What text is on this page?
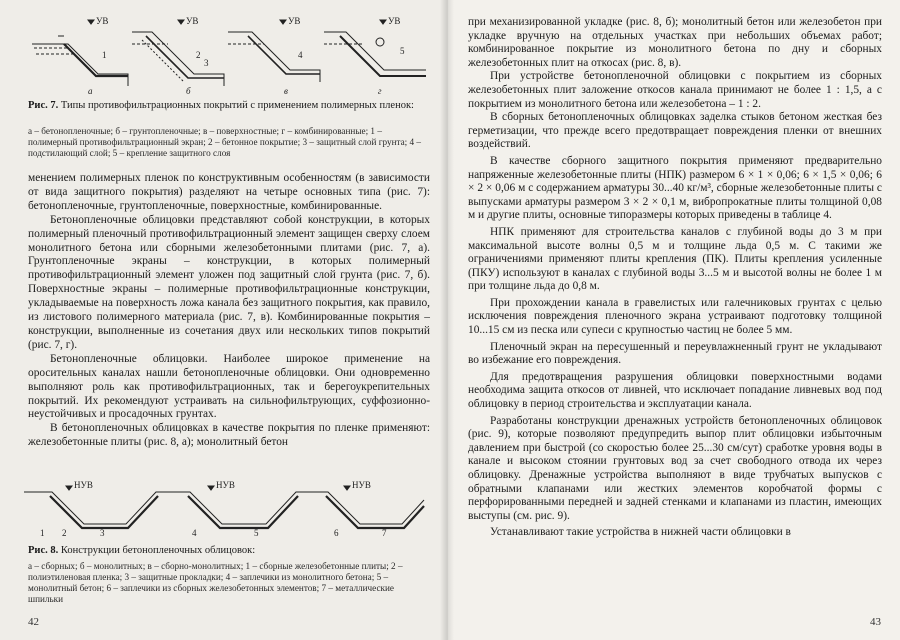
УВ	УВ	УВ	УВ
а	б	в	г
1	2
3
4	5
Рис. 7. Типы противофильтрационных покрытий с применением полимерных пленок:
а – бетонопленочные; б – грунтопленочные; в – поверхностные; г – комбинированные; 1 – полимерный противофильтрационный экран; 2 – бетонное покрытие; 3 – защитный слой грунта; 4 – подстилающий слой; 5 – крепление защитного слоя

менением полимерных пленок по конструктивным особенностям (в зависимости от вида защитного покрытия) разделяют на четыре основных типа (рис. 7): бетонопленочные, грунтопленочные, поверхностные, комбинированные.

Бетонопленочные облицовки представляют собой конструкции, в которых полимерный пленочный противофильтрационный элемент защищен сверху слоем монолитного бетона или сборными железобетонными плитами (рис. 7, а). Грунтопленочные экраны – конструкции, в которых полимерный противофильтрационный элемент уложен под защитный слой грунта (рис. 7, б). Поверхностные экраны – полимерные противофильтрационные конструкции, укладываемые на поверхность ложа канала без защитного покрытия, как правило, из листового полимерного материала (рис. 7, в). Комбинированные покрытия – конструкции, выполненные из сочетания двух или нескольких типов покрытий (рис. 7, г).

Бетонопленочные облицовки. Наиболее широкое применение на оросительных каналах нашли бетонопленочные облицовки. Они одновременно выполняют роль как противофильтрационных, так и берегоукрепительных покрытий. Их рекомендуют устраивать на сильнофильтрующих, суффозионно-неустойчивых и просадочных грунтах.

В бетонопленочных облицовках в качестве покрытия по пленке применяют: железобетонные плиты (рис. 8, а); монолитный бетон

НУВ	НУВ	НУВ
1 2	3	4	5	6	7
Рис. 8. Конструкции бетонопленочных облицовок:
а – сборных; б – монолитных; в – сборно-монолитных; 1 – сборные железобетонные плиты; 2 – полиэтиленовая пленка; 3 – защитные прокладки; 4 – заплечики из монолитного бетона; 5 – монолитный бетон; 6 – заплечики из сборных железобетонных элементов; 7 – металлические шпильки
42

при механизированной укладке (рис. 8, б); монолитный бетон или железобетон при укладке вручную на отдельных участках при небольших объемах работ; комбинированное покрытие из монолитного бетона по дну и сборных железобетонных плит на откосах (рис. 8, в).

При устройстве бетонопленочной облицовки с покрытием из сборных железобетонных плит заложение откосов канала принимают не более 1 : 1,5, а с покрытием из монолитного бетона или железобетона – 1 : 2.

В сборных бетонопленочных облицовках заделка стыков бетоном жесткая без герметизации, что прежде всего предотвращает повреждения пленки от внешних воздействий.

В качестве сборного защитного покрытия применяют предварительно напряженные железобетонные плиты (НПК) размером 6 × 1 × 0,06; 6 × 1,5 × 0,06; 6 × 2 × 0,06 м с содержанием арматуры 30...40 кг/м³, сборные железобетонные плиты с выпусками арматуры размером 3 × 2 × 0,1 м, вибропрокатные плиты толщиной 0,08 м и другие плиты, основные типоразмеры которых приведены в таблице 4.

НПК применяют для строительства каналов с глубиной воды до 3 м при максимальной высоте волны 0,5 м и толщине льда 0,5 м. С такими же ограничениями применяют плиты крепления (ПК). Плиты крепления усиленные (ПКУ) используют в каналах с глубиной воды 3...5 м и высотой волны не более 1 м при толщине льда до 0,8 м.

При прохождении канала в гравелистых или галечниковых грунтах с целью исключения повреждения пленочного экрана устраивают подготовку толщиной 10...15 см из песка или супеси с крупностью частиц не более 5 мм.

Пленочный экран на пересушенный и переувлажненный грунт не укладывают во избежание его повреждения.

Для предотвращения разрушения облицовки поверхностными водами необходима защита откосов от ливней, что исключает попадание ливневых вод под облицовку в период строительства и эксплуатации канала.

Разработаны конструкции дренажных устройств бетонопленочных облицовок (рис. 9), которые позволяют предупредить выпор плит облицовки избыточным давлением при быстрой (со скоростью более 25...30 см/сут) сработке уровня воды в канале и высоком стоянии грунтовых вод за счет свободного отвода их через облицовку. Дренажные устройства выполняют в виде трубчатых выпусков с обратными клапанами или жестких элементов коробчатой формы с перфорированными передней и задней стенками и клапанами из пластин, имеющих выступы (см. рис. 9).

Устанавливают такие устройства в нижней части облицовки в

43
